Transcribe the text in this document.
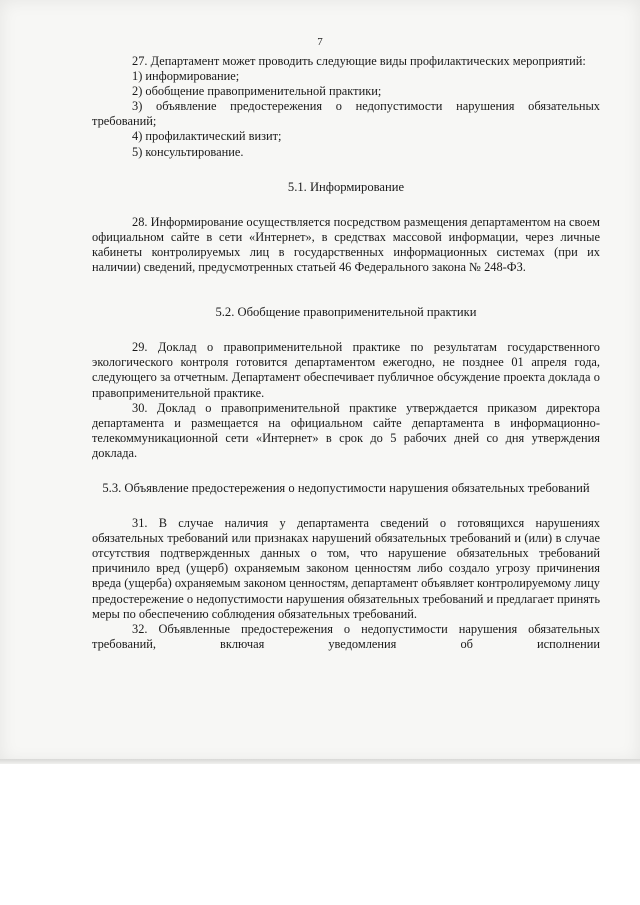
7

27. Департамент может проводить следующие виды профилактических мероприятий:

1) информирование;

2) обобщение правоприменительной практики;

3) объявление предостережения о недопустимости нарушения обязательных требований;

4) профилактический визит;

5) консультирование.

5.1. Информирование

28. Информирование осуществляется посредством размещения департаментом на своем официальном сайте в сети «Интернет», в средствах массовой информации, через личные кабинеты контролируемых лиц в государственных информационных системах (при их наличии) сведений, предусмотренных статьей 46 Федерального закона № 248-ФЗ.

5.2. Обобщение правоприменительной практики

29. Доклад о правоприменительной практике по результатам государственного экологического контроля готовится департаментом ежегодно, не позднее 01 апреля года, следующего за отчетным. Департамент обеспечивает публичное обсуждение проекта доклада о правоприменительной практике.

30. Доклад о правоприменительной практике утверждается приказом директора департамента и размещается на официальном сайте департамента в информационно-телекоммуникационной сети «Интернет» в срок до 5 рабочих дней со дня утверждения доклада.

5.3. Объявление предостережения о недопустимости нарушения обязательных требований

31. В случае наличия у департамента сведений о готовящихся нарушениях обязательных требований или признаках нарушений обязательных требований и (или) в случае отсутствия подтвержденных данных о том, что нарушение обязательных требований причинило вред (ущерб) охраняемым законом ценностям либо создало угрозу причинения вреда (ущерба) охраняемым законом ценностям, департамент объявляет контролируемому лицу предостережение о недопустимости нарушения обязательных требований и предлагает принять меры по обеспечению соблюдения обязательных требований.

32. Объявленные предостережения о недопустимости нарушения обязательных требований, включая уведомления об исполнении
